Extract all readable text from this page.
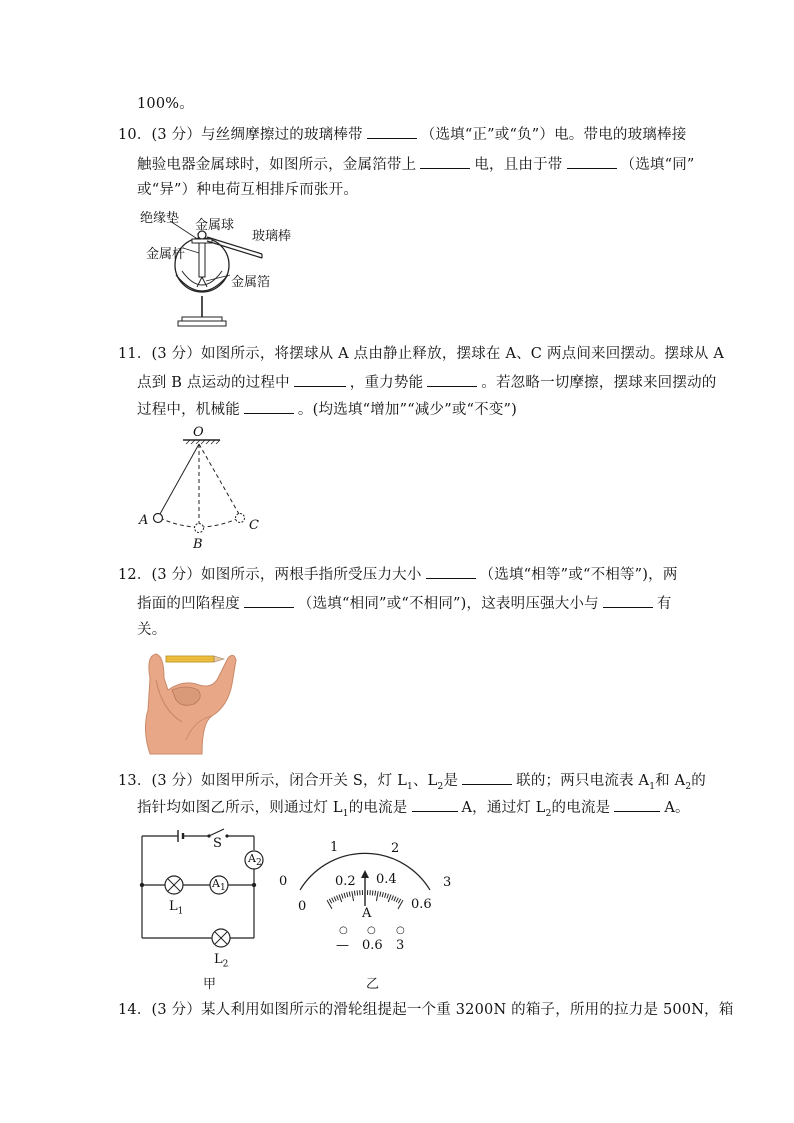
100%。
10．(3 分）与丝绸摩擦过的玻璃棒带	（选填“正”或“负”）电。带电的玻璃棒接
触验电器金属球时，如图所示，金属箔带上	电，且由于带	（选填“同”
或“异”）种电荷互相排斥而张开。
绝缘垫 金属球
玻璃棒
金属杆
金属箔
11．(3 分）如图所示，将摆球从 A 点由静止释放，摆球在 A、C 两点间来回摆动。摆球从 A
点到 B 点运动的过程中	，重力势能	。若忽略一切摩擦，摆球来回摆动的
过程中，机械能	。(均选填“增加”“减少”或“不变”)
O
A
B
C
12．(3 分）如图所示，两根手指所受压力大小	（选填“相等”或“不相等”)，两
指面的凹陷程度	（选填“相同”或“不相同”)，这表明压强大小与	有
关。
13．(3 分）如图甲所示，闭合开关 S，灯 $L_1$、$L_2$是	联的；两只电流表 $A_1$和 $A_2$的
指针均如图乙所示，则通过灯 $L_1$的电流是	A，通过灯 $L_2$的电流是	A。
S
$A_2$
$A_1$
$L_1$
$L_2$
甲
0
1	2
3
0
0.2 0.4
0.6
A
○ ○ ○
— 0.6 3
乙
14．(3 分）某人利用如图所示的滑轮组提起一个重 3200N 的箱子，所用的拉力是 500N，箱
